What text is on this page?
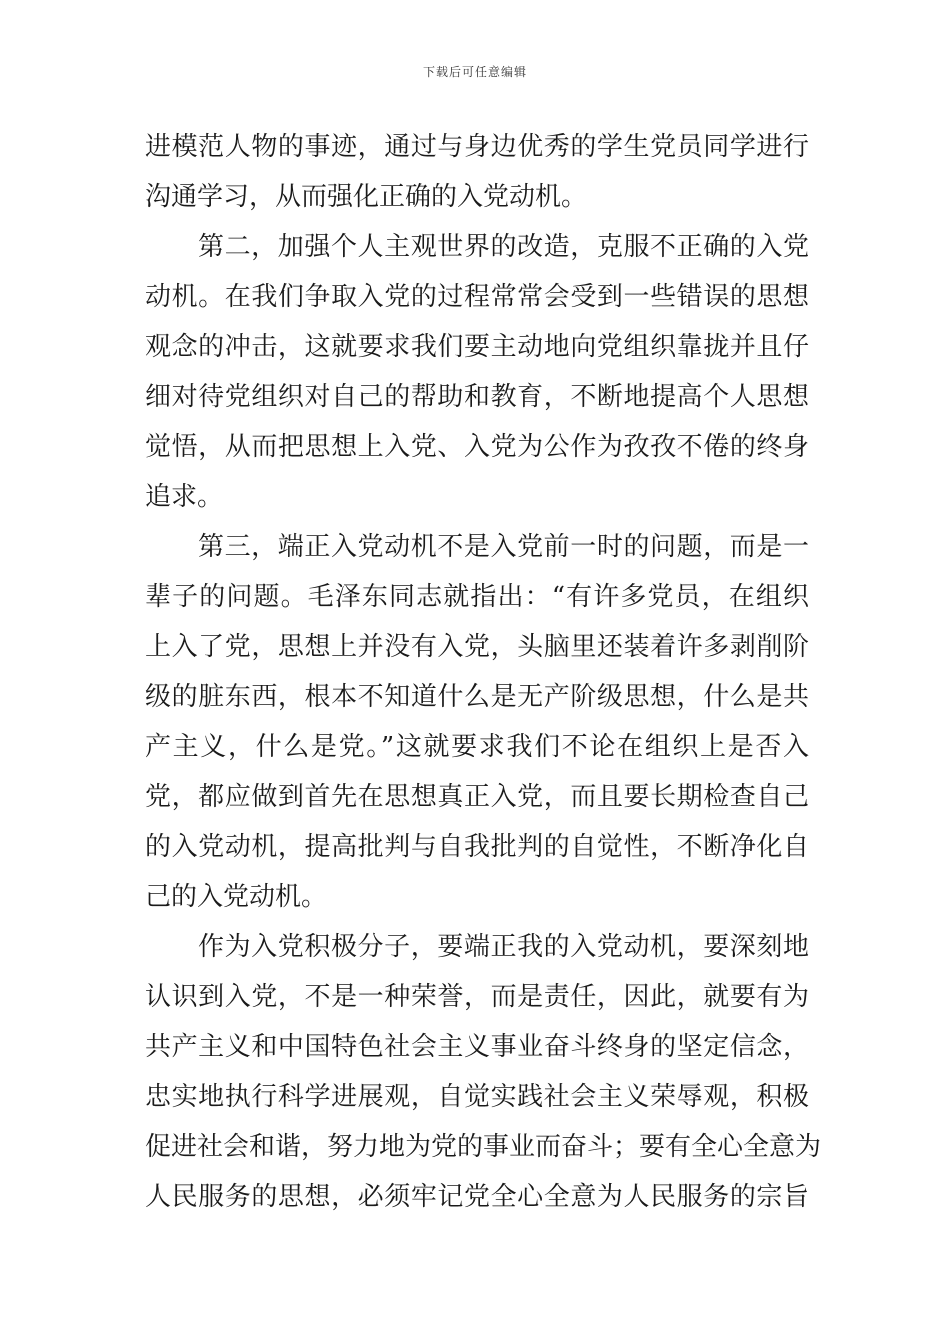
下载后可任意编辑
进模范人物的事迹，通过与身边优秀的学生党员同学进行
沟通学习，从而强化正确的入党动机。
第二，加强个人主观世界的改造，克服不正确的入党
动机。在我们争取入党的过程常常会受到一些错误的思想
观念的冲击，这就要求我们要主动地向党组织靠拢并且仔
细对待党组织对自己的帮助和教育，不断地提高个人思想
觉悟，从而把思想上入党、入党为公作为孜孜不倦的终身
追求。
第三，端正入党动机不是入党前一时的问题，而是一
辈子的问题。毛泽东同志就指出：“有许多党员，在组织
上入了党，思想上并没有入党，头脑里还装着许多剥削阶
级的脏东西，根本不知道什么是无产阶级思想，什么是共
产主义，什么是党。”这就要求我们不论在组织上是否入
党，都应做到首先在思想真正入党，而且要长期检查自己
的入党动机，提高批判与自我批判的自觉性，不断净化自
己的入党动机。
作为入党积极分子，要端正我的入党动机，要深刻地
认识到入党，不是一种荣誉，而是责任，因此，就要有为
共产主义和中国特色社会主义事业奋斗终身的坚定信念，
忠实地执行科学进展观，自觉实践社会主义荣辱观，积极
促进社会和谐，努力地为党的事业而奋斗；要有全心全意为
人民服务的思想，必须牢记党全心全意为人民服务的宗旨
